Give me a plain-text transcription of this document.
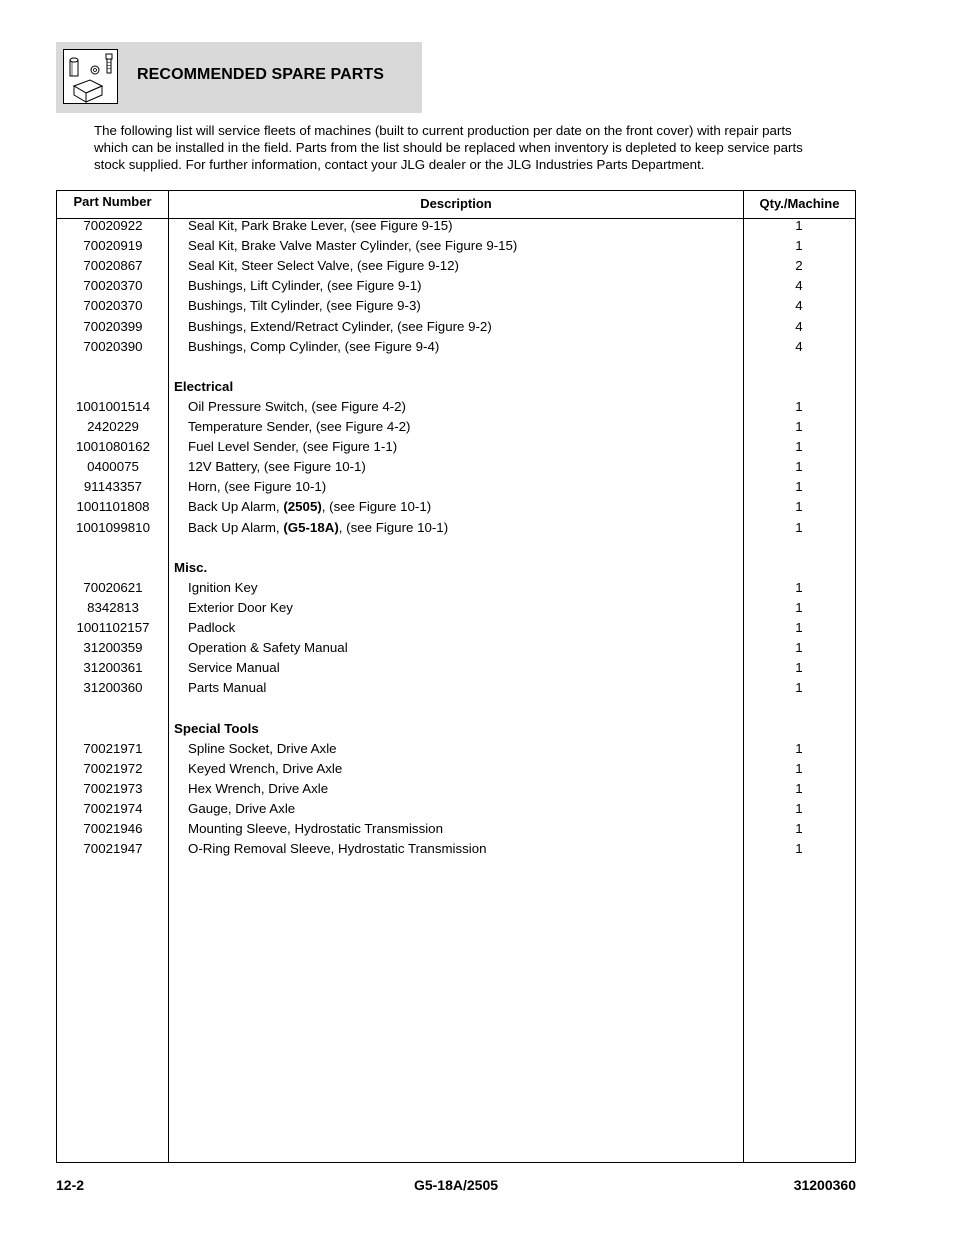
RECOMMENDED SPARE PARTS
The following list will service fleets of machines (built to current production per date on the front cover) with repair parts which can be installed in the field. Parts from the list should be replaced when inventory is depleted to keep service parts stock supplied. For further information, contact your JLG dealer or the JLG Industries Parts Department.
Part Number	Description	Qty./Machine
70020922	Seal Kit, Park Brake Lever, (see Figure 9-15)	1
70020919	Seal Kit, Brake Valve Master Cylinder, (see Figure 9-15)	1
70020867	Seal Kit, Steer Select Valve, (see Figure 9-12)	2
70020370	Bushings, Lift Cylinder, (see Figure 9-1)	4
70020370	Bushings, Tilt Cylinder, (see Figure 9-3)	4
70020399	Bushings, Extend/Retract Cylinder, (see Figure 9-2)	4
70020390	Bushings, Comp Cylinder, (see Figure 9-4)	4
Electrical
1001001514	Oil Pressure Switch, (see Figure 4-2)	1
2420229	Temperature Sender, (see Figure 4-2)	1
1001080162	Fuel Level Sender, (see Figure 1-1)	1
0400075	12V Battery, (see Figure 10-1)	1
91143357	Horn, (see Figure 10-1)	1
1001101808	Back Up Alarm, (2505), (see Figure 10-1)	1
1001099810	Back Up Alarm, (G5-18A), (see Figure 10-1)	1
Misc.
70020621	Ignition Key	1
8342813	Exterior Door Key	1
1001102157	Padlock	1
31200359	Operation & Safety Manual	1
31200361	Service Manual	1
31200360	Parts Manual	1
Special Tools
70021971	Spline Socket, Drive Axle	1
70021972	Keyed Wrench, Drive Axle	1
70021973	Hex Wrench, Drive Axle	1
70021974	Gauge, Drive Axle	1
70021946	Mounting Sleeve, Hydrostatic Transmission	1
70021947	O-Ring Removal Sleeve, Hydrostatic Transmission	1
12-2	G5-18A/2505	31200360
